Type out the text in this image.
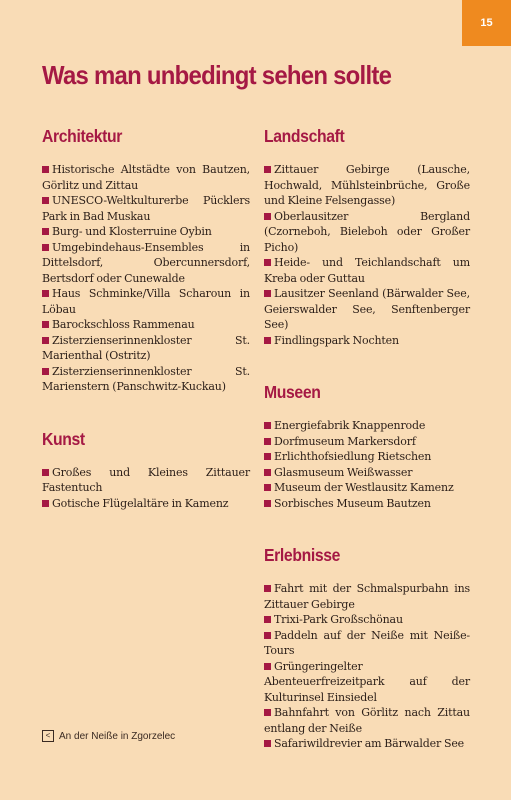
15
Was man unbedingt sehen sollte
Architektur
Historische Altstädte von Bautzen, Görlitz und Zittau
UNESCO-Weltkulturerbe Pücklers Park in Bad Muskau
Burg- und Klosterruine Oybin
Umgebindehaus-Ensembles in Dittelsdorf, Obercunnersdorf, Bertsdorf oder Cunewalde
Haus Schminke/Villa Scharoun in Löbau
Barockschloss Rammenau
Zisterzienserinnenkloster St. Marienthal (Ostritz)
Zisterzienserinnenkloster St. Marienstern (Panschwitz-Kuckau)
Kunst
Großes und Kleines Zittauer Fastentuch
Gotische Flügelaltäre in Kamenz
Landschaft
Zittauer Gebirge (Lausche, Hochwald, Mühlsteinbrüche, Große und Kleine Felsengasse)
Oberlausitzer Bergland (Czorneboh, Bieleboh oder Großer Picho)
Heide- und Teichlandschaft um Kreba oder Guttau
Lausitzer Seenland (Bärwalder See, Geierswalder See, Senftenberger See)
Findlingspark Nochten
Museen
Energiefabrik Knappenrode
Dorfmuseum Markersdorf
Erlichthofsiedlung Rietschen
Glasmuseum Weißwasser
Museum der Westlausitz Kamenz
Sorbisches Museum Bautzen
Erlebnisse
Fahrt mit der Schmalspurbahn ins Zittauer Gebirge
Trixi-Park Großschönau
Paddeln auf der Neiße mit Neiße-Tours
Grüngeringelter Abenteuerfreizeitpark auf der Kulturinsel Einsiedel
Bahnfahrt von Görlitz nach Zittau entlang der Neiße
Safariwildrevier am Bärwalder See
< An der Neiße in Zgorzelec
